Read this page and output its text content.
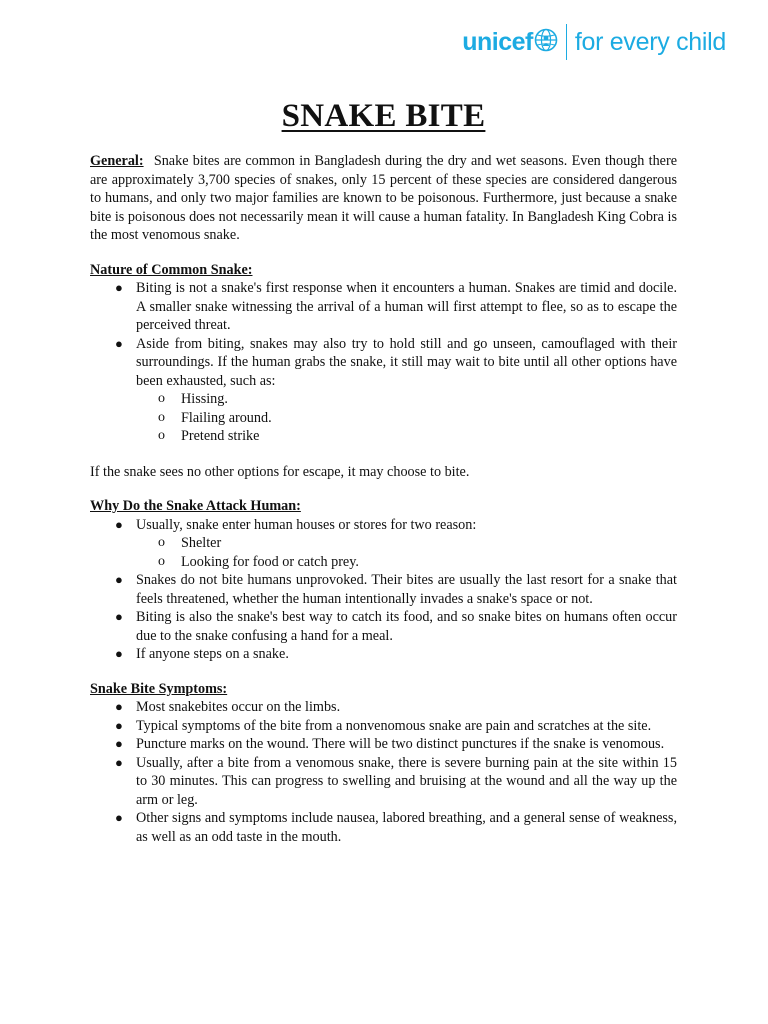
unicef for every child
SNAKE BITE

General: Snake bites are common in Bangladesh during the dry and wet seasons. Even though there are approximately 3,700 species of snakes, only 15 percent of these species are considered dangerous to humans, and only two major families are known to be poisonous. Furthermore, just because a snake bite is poisonous does not necessarily mean it will cause a human fatality. In Bangladesh King Cobra is the most venomous snake.

Nature of Common Snake:

● Biting is not a snake's first response when it encounters a human. Snakes are timid and docile. A smaller snake witnessing the arrival of a human will first attempt to flee, so as to escape the perceived threat.
● Aside from biting, snakes may also try to hold still and go unseen, camouflaged with their surroundings. If the human grabs the snake, it still may wait to bite until all other options have been exhausted, such as:
o Hissing.
o Flailing around.
o Pretend strike

If the snake sees no other options for escape, it may choose to bite.

Why Do the Snake Attack Human:

● Usually, snake enter human houses or stores for two reason:
o Shelter
o Looking for food or catch prey.
● Snakes do not bite humans unprovoked. Their bites are usually the last resort for a snake that feels threatened, whether the human intentionally invades a snake's space or not.
● Biting is also the snake's best way to catch its food, and so snake bites on humans often occur due to the snake confusing a hand for a meal.
● If anyone steps on a snake.

Snake Bite Symptoms:

● Most snakebites occur on the limbs.
● Typical symptoms of the bite from a nonvenomous snake are pain and scratches at the site.
● Puncture marks on the wound. There will be two distinct punctures if the snake is venomous.
● Usually, after a bite from a venomous snake, there is severe burning pain at the site within 15 to 30 minutes. This can progress to swelling and bruising at the wound and all the way up the arm or leg.
● Other signs and symptoms include nausea, labored breathing, and a general sense of weakness, as well as an odd taste in the mouth.
